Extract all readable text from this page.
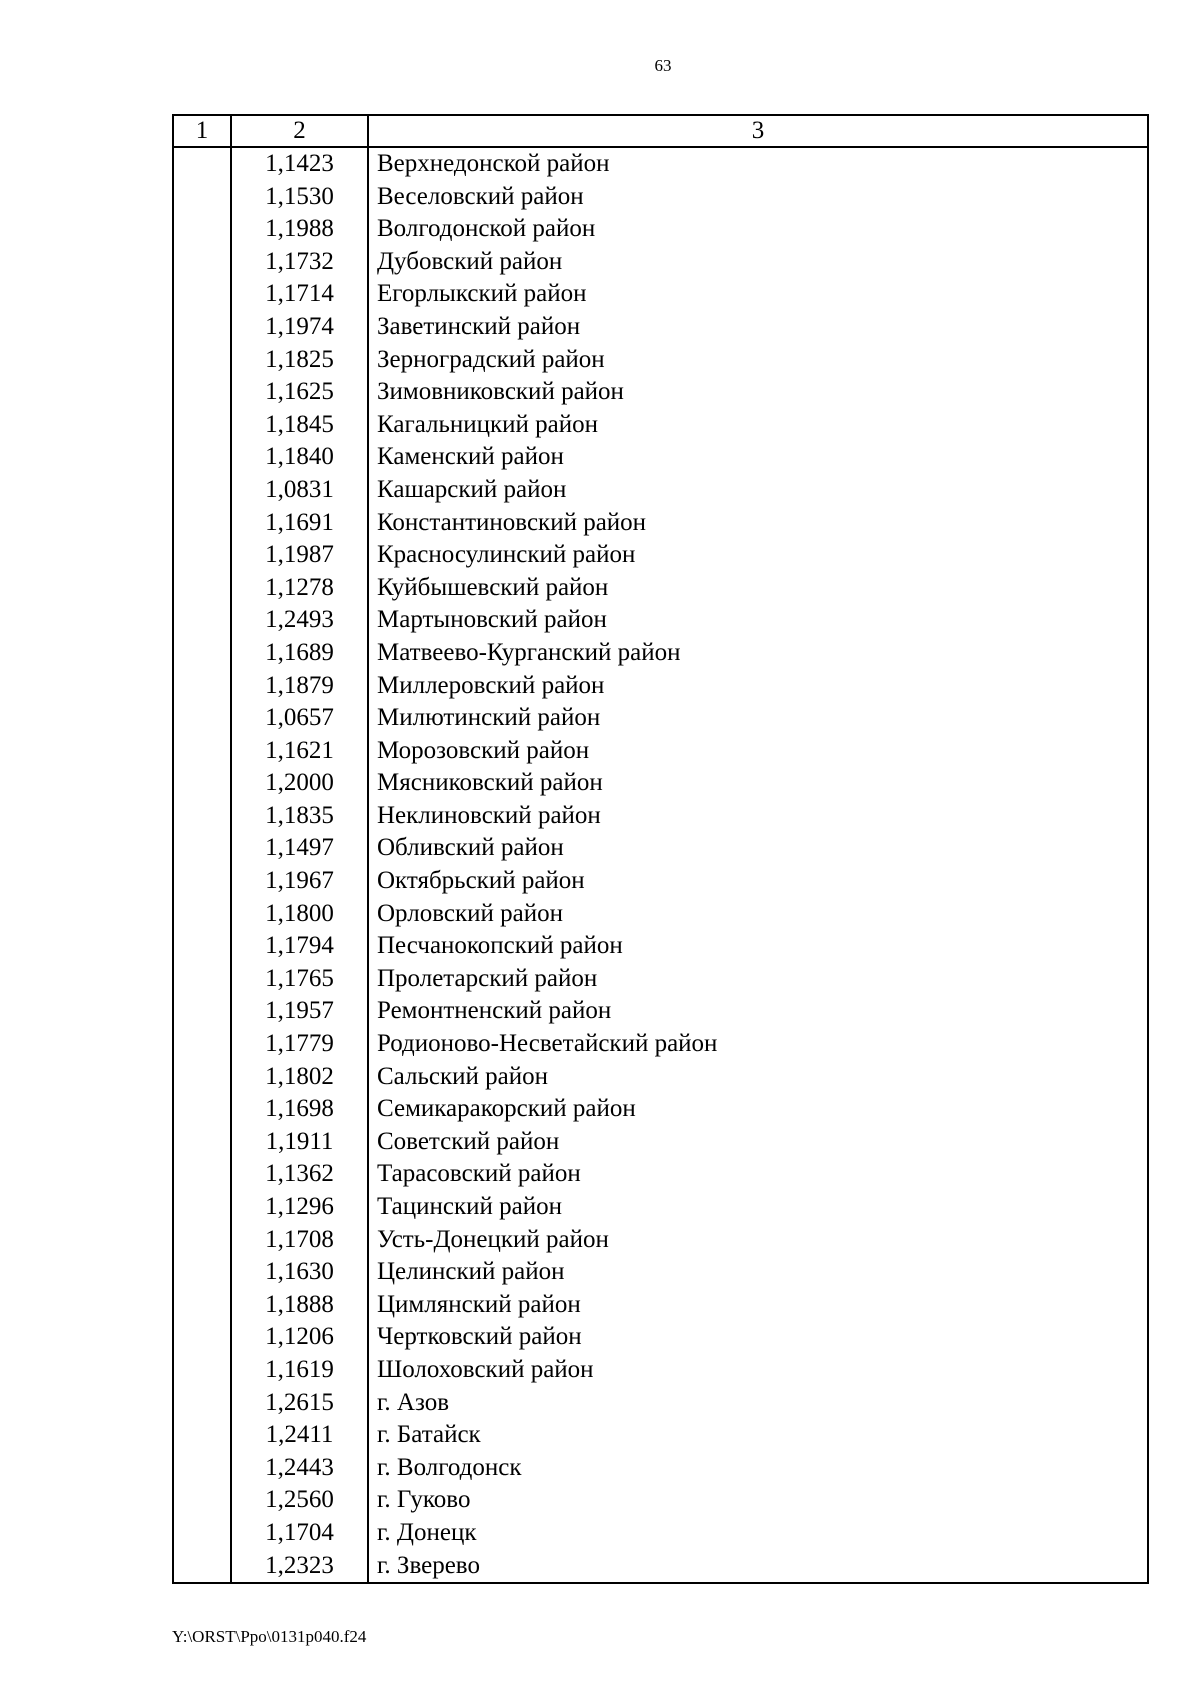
63
1	2	3
	1,1423	Верхнедонской район
	1,1530	Веселовский район
	1,1988	Волгодонской район
	1,1732	Дубовский район
	1,1714	Егорлыкский район
	1,1974	Заветинский район
	1,1825	Зерноградский район
	1,1625	Зимовниковский район
	1,1845	Кагальницкий район
	1,1840	Каменский район
	1,0831	Кашарский район
	1,1691	Константиновский район
	1,1987	Красносулинский район
	1,1278	Куйбышевский район
	1,2493	Мартыновский район
	1,1689	Матвеево-Курганский район
	1,1879	Миллеровский район
	1,0657	Милютинский район
	1,1621	Морозовский район
	1,2000	Мясниковский район
	1,1835	Неклиновский район
	1,1497	Обливский район
	1,1967	Октябрьский район
	1,1800	Орловский район
	1,1794	Песчанокопский район
	1,1765	Пролетарский район
	1,1957	Ремонтненский район
	1,1779	Родионово-Несветайский район
	1,1802	Сальский район
	1,1698	Семикаракорский район
	1,1911	Советский район
	1,1362	Тарасовский район
	1,1296	Тацинский район
	1,1708	Усть-Донецкий район
	1,1630	Целинский район
	1,1888	Цимлянский район
	1,1206	Чертковский район
	1,1619	Шолоховский район
	1,2615	г. Азов
	1,2411	г. Батайск
	1,2443	г. Волгодонск
	1,2560	г. Гуково
	1,1704	г. Донецк
	1,2323	г. Зверево
Y:\ORST\Ppo\0131p040.f24
